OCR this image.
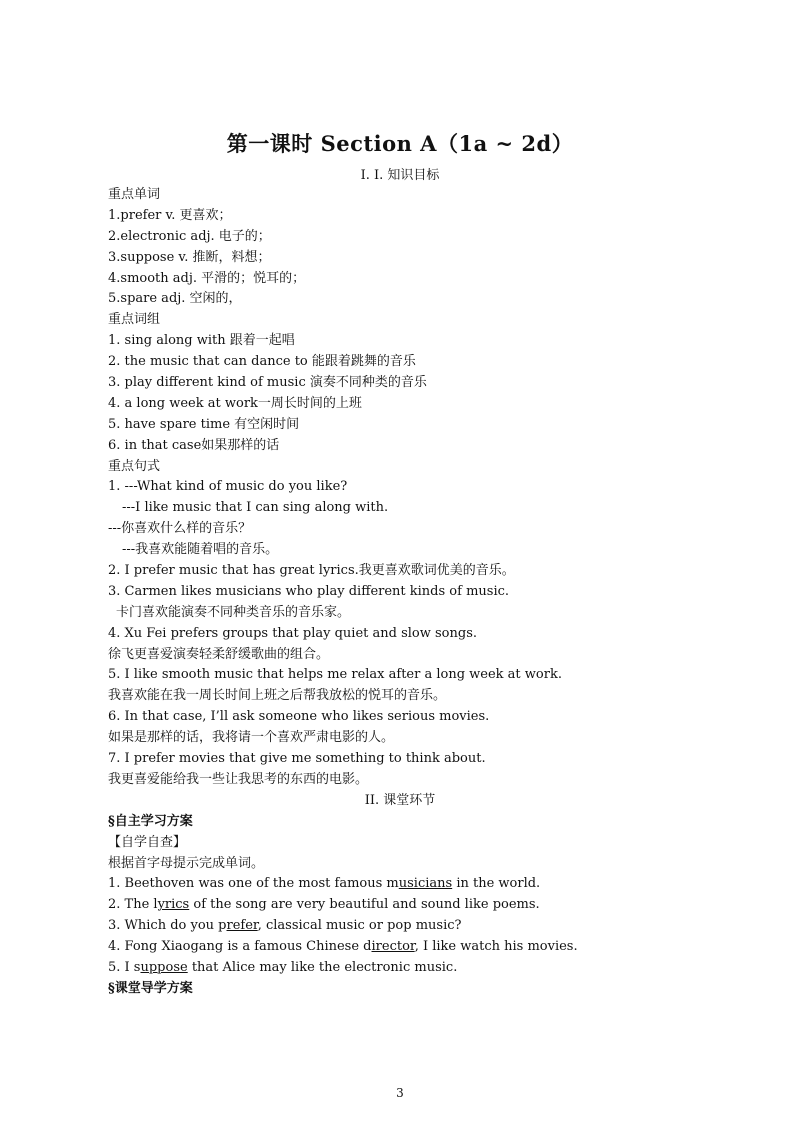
第一课时 Section A（1a ~ 2d）
I. I. 知识目标
重点单词
1.prefer v. 更喜欢；
2.electronic adj. 电子的；
3.suppose v. 推断，料想；
4.smooth adj. 平滑的；悦耳的；
5.spare adj. 空闲的，
重点词组
1. sing along with 跟着一起唱
2. the music that can dance to 能跟着跳舞的音乐
3. play different kind of music 演奏不同种类的音乐
4. a long week at work一周长时间的上班
5. have spare time 有空闲时间
6. in that case如果那样的话
重点句式
1. ---What kind of music do you like?
---I like music that I can sing along with.
---你喜欢什么样的音乐？
---我喜欢能随着唱的音乐。
2. I prefer music that has great lyrics.我更喜欢歌词优美的音乐。
3. Carmen likes musicians who play different kinds of music.
卡门喜欢能演奏不同种类音乐的音乐家。
4. Xu Fei prefers groups that play quiet and slow songs.
徐飞更喜爱演奏轻柔舒缓歌曲的组合。
5. I like smooth music that helps me relax after a long week at work.
我喜欢能在我一周长时间上班之后帮我放松的悦耳的音乐。
6. In that case, I’ll ask someone who likes serious movies.
如果是那样的话，我将请一个喜欢严肃电影的人。
7. I prefer movies that give me something to think about.
我更喜爱能给我一些让我思考的东西的电影。
II. 课堂环节
§自主学习方案
【自学自查】
根据首字母提示完成单词。
1. Beethoven was one of the most famous musicians in the world.
2. The lyrics of the song are very beautiful and sound like poems.
3. Which do you prefer, classical music or pop music?
4. Fong Xiaogang is a famous Chinese director, I like watch his movies.
5. I suppose that Alice may like the electronic music.
§课堂导学方案
3
